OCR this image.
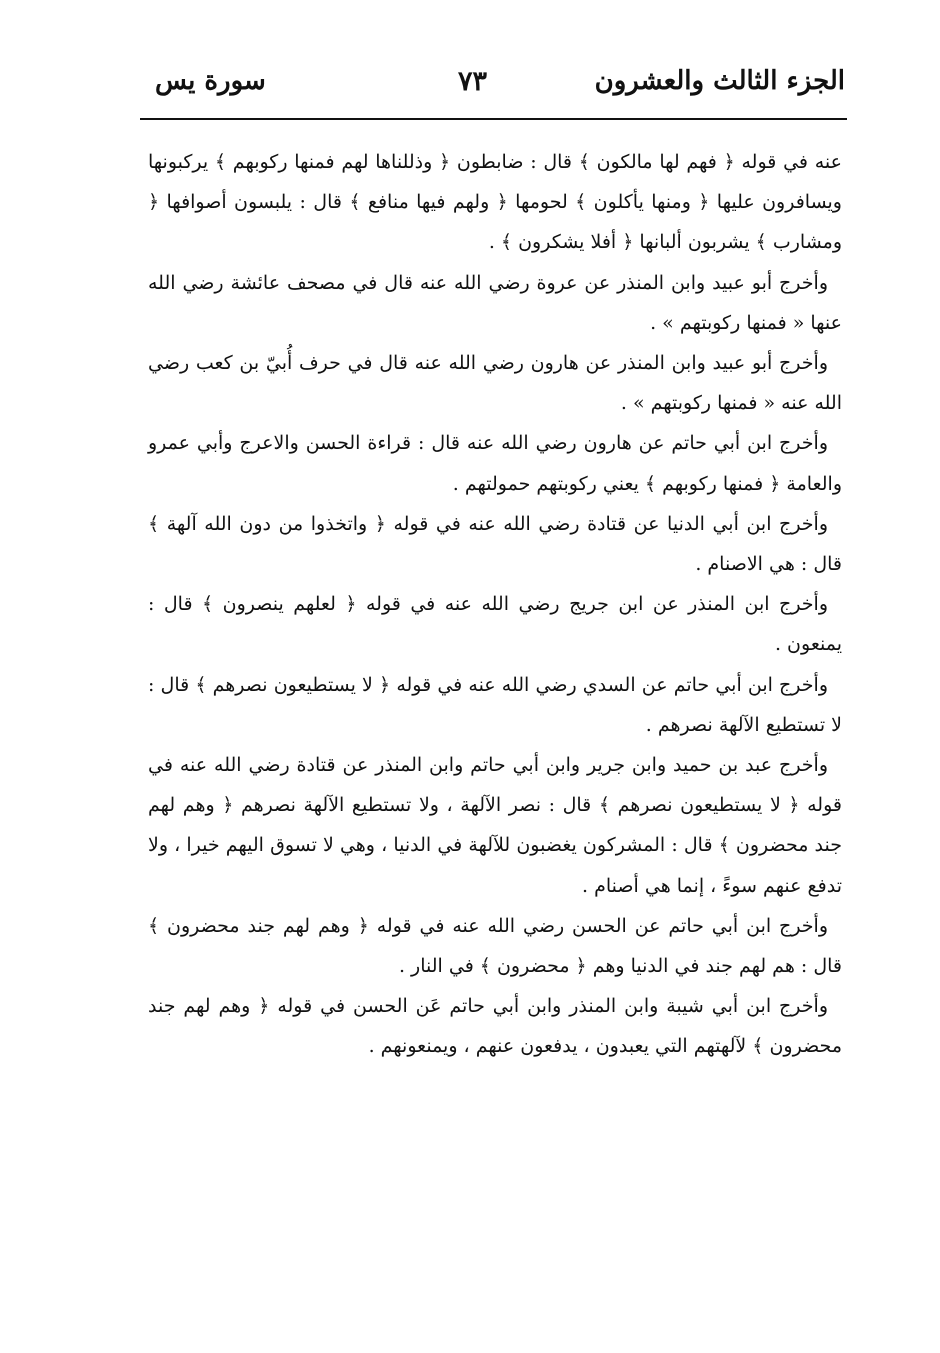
الجزء الثالث والعشرون
٧٣
سورة يس

عنه في قوله ﴿ فهم لها مالكون ﴾ قال : ضابطون ﴿ وذللناها لهم فمنها ركوبهم ﴾ يركبونها ويسافرون عليها ﴿ ومنها يأكلون ﴾ لحومها ﴿ ولهم فيها منافع ﴾ قال : يلبسون أصوافها ﴿ ومشارب ﴾ يشربون ألبانها ﴿ أفلا يشكرون ﴾ .

وأخرج أبو عبيد وابن المنذر عن عروة رضي الله عنه قال في مصحف عائشة رضي الله عنها « فمنها ركوبتهم » .

وأخرج أبو عبيد وابن المنذر عن هارون رضي الله عنه قال في حرف أُبيّ بن كعب رضي الله عنه « فمنها ركوبتهم » .

وأخرج ابن أبي حاتم عن هارون رضي الله عنه قال : قراءة الحسن والاعرج وأبي عمرو والعامة ﴿ فمنها ركوبهم ﴾ يعني ركوبتهم حمولتهم .

وأخرج ابن أبي الدنيا عن قتادة رضي الله عنه في قوله ﴿ واتخذوا من دون الله آلهة ﴾ قال : هي الاصنام .

وأخرج ابن المنذر عن ابن جريج رضي الله عنه في قوله ﴿ لعلهم ينصرون ﴾ قال : يمنعون .

وأخرج ابن أبي حاتم عن السدي رضي الله عنه في قوله ﴿ لا يستطيعون نصرهم ﴾ قال : لا تستطيع الآلهة نصرهم .

وأخرج عبد بن حميد وابن جرير وابن أبي حاتم وابن المنذر عن قتادة رضي الله عنه في قوله ﴿ لا يستطيعون نصرهم ﴾ قال : نصر الآلهة ، ولا تستطيع الآلهة نصرهم ﴿ وهم لهم جند محضرون ﴾ قال : المشركون يغضبون للآلهة في الدنيا ، وهي لا تسوق اليهم خيرا ، ولا تدفع عنهم سوءً ، إنما هي أصنام .

وأخرج ابن أبي حاتم عن الحسن رضي الله عنه في قوله ﴿ وهم لهم جند محضرون ﴾ قال : هم لهم جند في الدنيا وهم ﴿ محضرون ﴾ في النار .

وأخرج ابن أبي شيبة وابن المنذر وابن أبي حاتم عَن الحسن في قوله ﴿ وهم لهم جند محضرون ﴾ لآلهتهم التي يعبدون ، يدفعون عنهم ، ويمنعونهم .
